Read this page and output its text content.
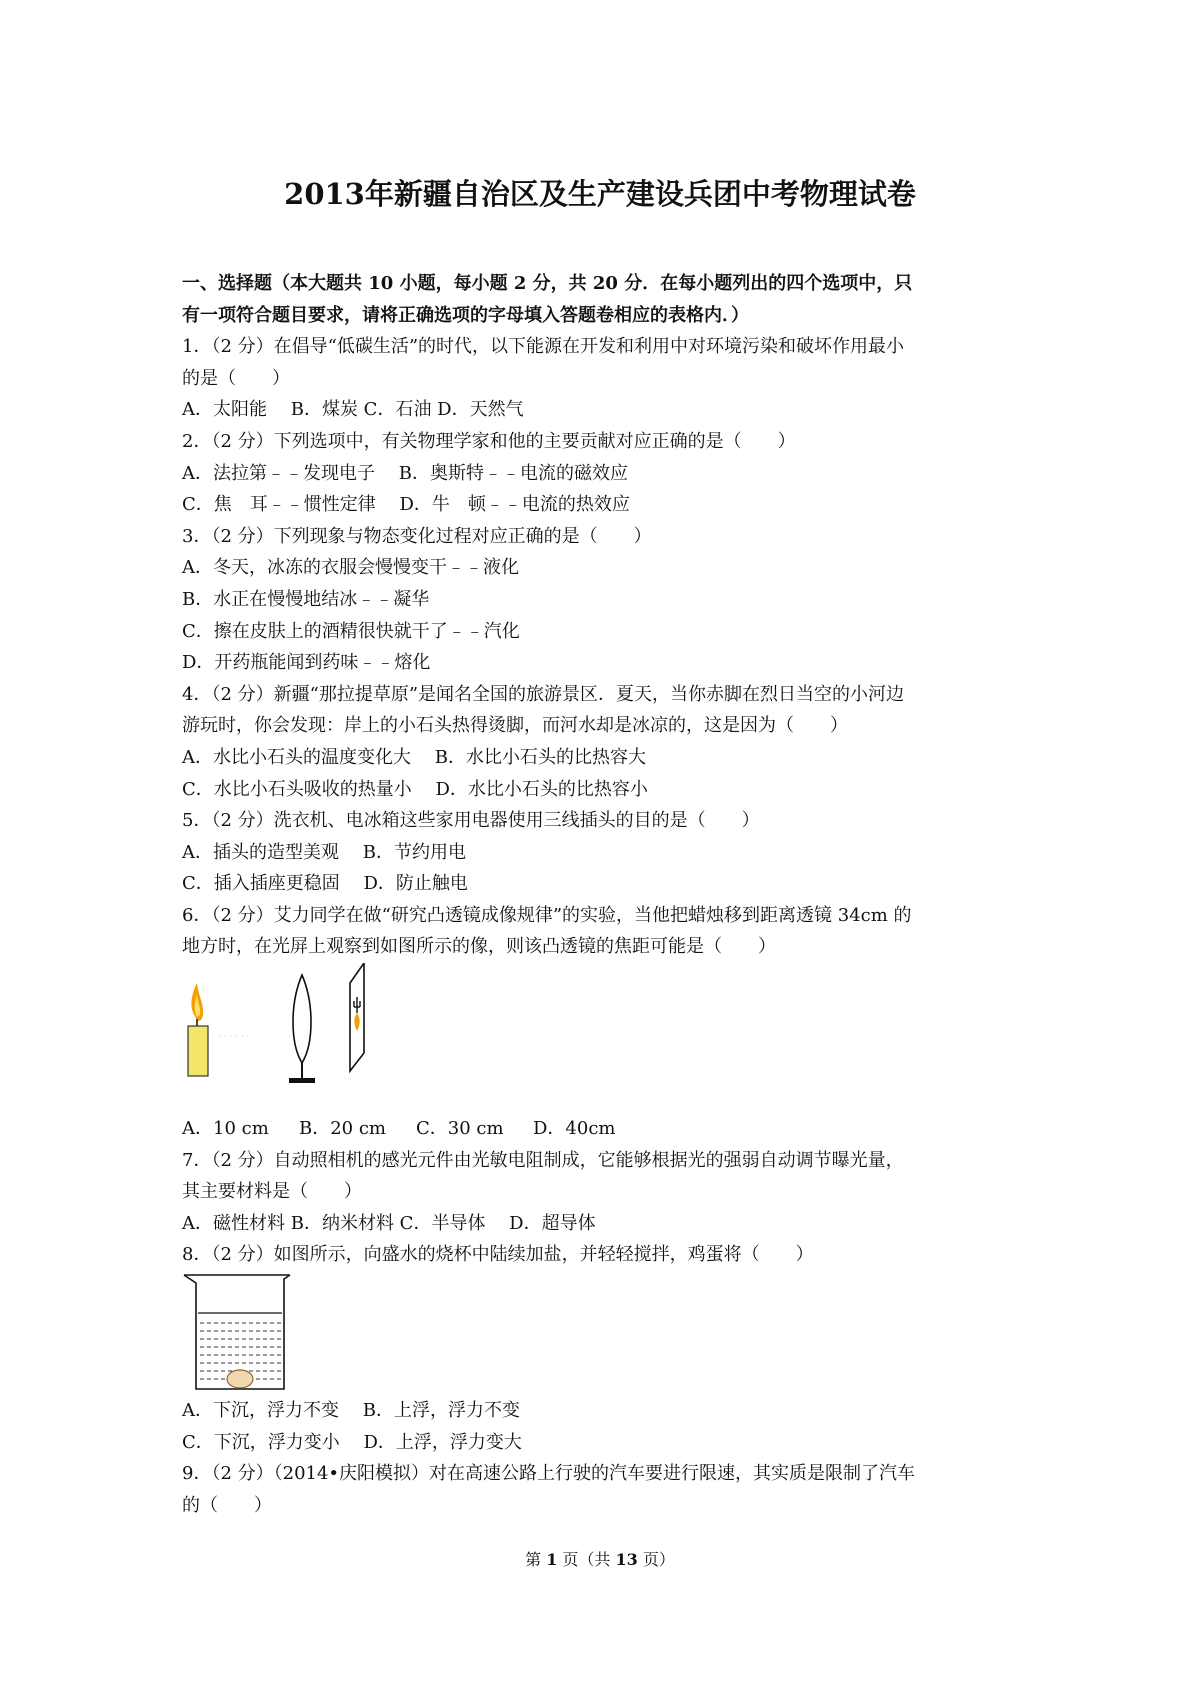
2013年新疆自治区及生产建设兵团中考物理试卷
一、选择题（本大题共 10 小题，每小题 2 分，共 20 分．在每小题列出的四个选项中，只
有一项符合题目要求，请将正确选项的字母填入答题卷相应的表格内．）
1．（2 分）在倡导“低碳生活”的时代，以下能源在开发和利用中对环境污染和破坏作用最小
的是（　　）
A．太阳能　 B．煤炭 C．石油 D．天然气
2．（2 分）下列选项中，有关物理学家和他的主要贡献对应正确的是（　　）
A．法拉第﹣﹣发现电子　 B．奥斯特﹣﹣电流的磁效应
C．焦　耳﹣﹣惯性定律　 D．牛　顿﹣﹣电流的热效应
3．（2 分）下列现象与物态变化过程对应正确的是（　　）
A．冬天，冰冻的衣服会慢慢变干﹣﹣液化
B．水正在慢慢地结冰﹣﹣凝华
C．擦在皮肤上的酒精很快就干了﹣﹣汽化
D．开药瓶能闻到药味﹣﹣熔化
4．（2 分）新疆“那拉提草原”是闻名全国的旅游景区．夏天，当你赤脚在烈日当空的小河边
游玩时，你会发现：岸上的小石头热得烫脚，而河水却是冰凉的，这是因为（　　）
A．水比小石头的温度变化大　 B．水比小石头的比热容大
C．水比小石头吸收的热量小　 D．水比小石头的比热容小
5．（2 分）洗衣机、电冰箱这些家用电器使用三线插头的目的是（　　）
A．插头的造型美观　 B．节约用电
C．插入插座更稳固　 D．防止触电
6．（2 分）艾力同学在做“研究凸透镜成像规律”的实验，当他把蜡烛移到距离透镜 34cm 的
地方时，在光屏上观察到如图所示的像，则该凸透镜的焦距可能是（　　）
· · · · · ·
A．10 cm	B．20 cm	C．30 cm	D．40cm
7．（2 分）自动照相机的感光元件由光敏电阻制成，它能够根据光的强弱自动调节曝光量，
其主要材料是（　　）
A．磁性材料 B．纳米材料 C．半导体　 D．超导体
8．（2 分）如图所示，向盛水的烧杯中陆续加盐，并轻轻搅拌，鸡蛋将（　　）
A．下沉，浮力不变　 B．上浮，浮力不变
C．下沉，浮力变小　 D．上浮，浮力变大
9．（2 分）（2014•庆阳模拟）对在高速公路上行驶的汽车要进行限速，其实质是限制了汽车
的（　　）
第 1 页（共 13 页）
